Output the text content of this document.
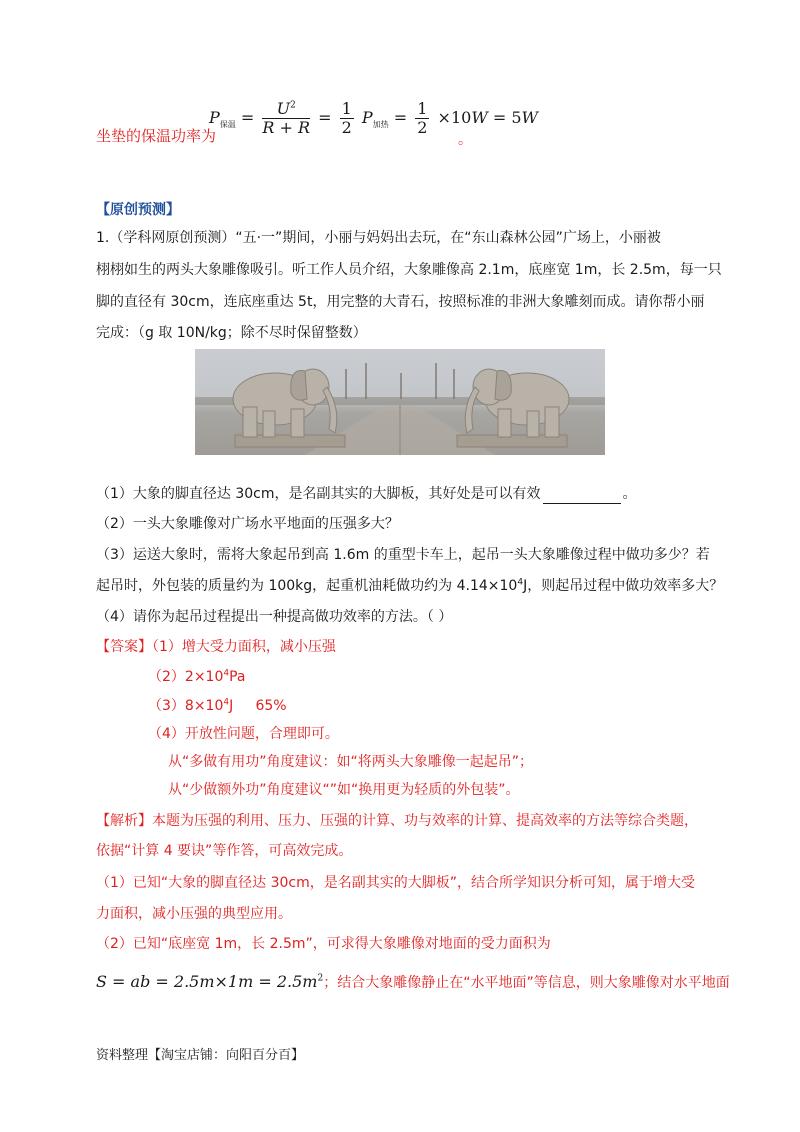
坐垫的保温功率为
$P_{保温} = \frac{U^2}{R + R} = \frac{1}{2} P_{加热} = \frac{1}{2} \times 10W = 5W$
。
【原创预测】
1.（学科网原创预测）“五·一”期间，小丽与妈妈出去玩，在“东山森林公园”广场上，小丽被
栩栩如生的两头大象雕像吸引。听工作人员介绍，大象雕像高 2.1m，底座宽 1m，长 2.5m，每一只
脚的直径有 30cm，连底座重达 5t，用完整的大青石，按照标准的非洲大象雕刻而成。请你帮小丽
完成：（g 取 10N/kg；除不尽时保留整数）
（1）大象的脚直径达 30cm，是名副其实的大脚板，其好处是可以有效	。
（2）一头大象雕像对广场水平地面的压强多大？
（3）运送大象时，需将大象起吊到高 1.6m 的重型卡车上，起吊一头大象雕像过程中做功多少？若
起吊时，外包装的质量约为 100kg，起重机油耗做功约为 $4.14\times 10^4J$，则起吊过程中做功效率多大？
（4）请你为起吊过程提出一种提高做功效率的方法。（ ）
【答案】（1）增大受力面积，减小压强
$(2)2\times 10^4Pa$
$(3)8\times 10^4J$     65%
（4）开放性问题，合理即可。
从“多做有用功”角度建议：如“将两头大象雕像一起起吊”；
从“少做额外功”角度建议“”如“换用更为轻质的外包装”。
【解析】本题为压强的利用、压力、压强的计算、功与效率的计算、提高效率的方法等综合类题，
依据“计算 4 要诀”等作答，可高效完成。
（1）已知“大象的脚直径达 30cm，是名副其实的大脚板”，结合所学知识分析可知，属于增大受
力面积，减小压强的典型应用。
（2）已知“底座宽 1m，长 2.5m”，可求得大象雕像对地面的受力面积为
S = ab = $2.5m\times 1m = 2.5m^2$；结合大象雕像静止在“水平地面”等信息，则大象雕像对水平地面
资料整理【淘宝店铺：向阳百分百】
